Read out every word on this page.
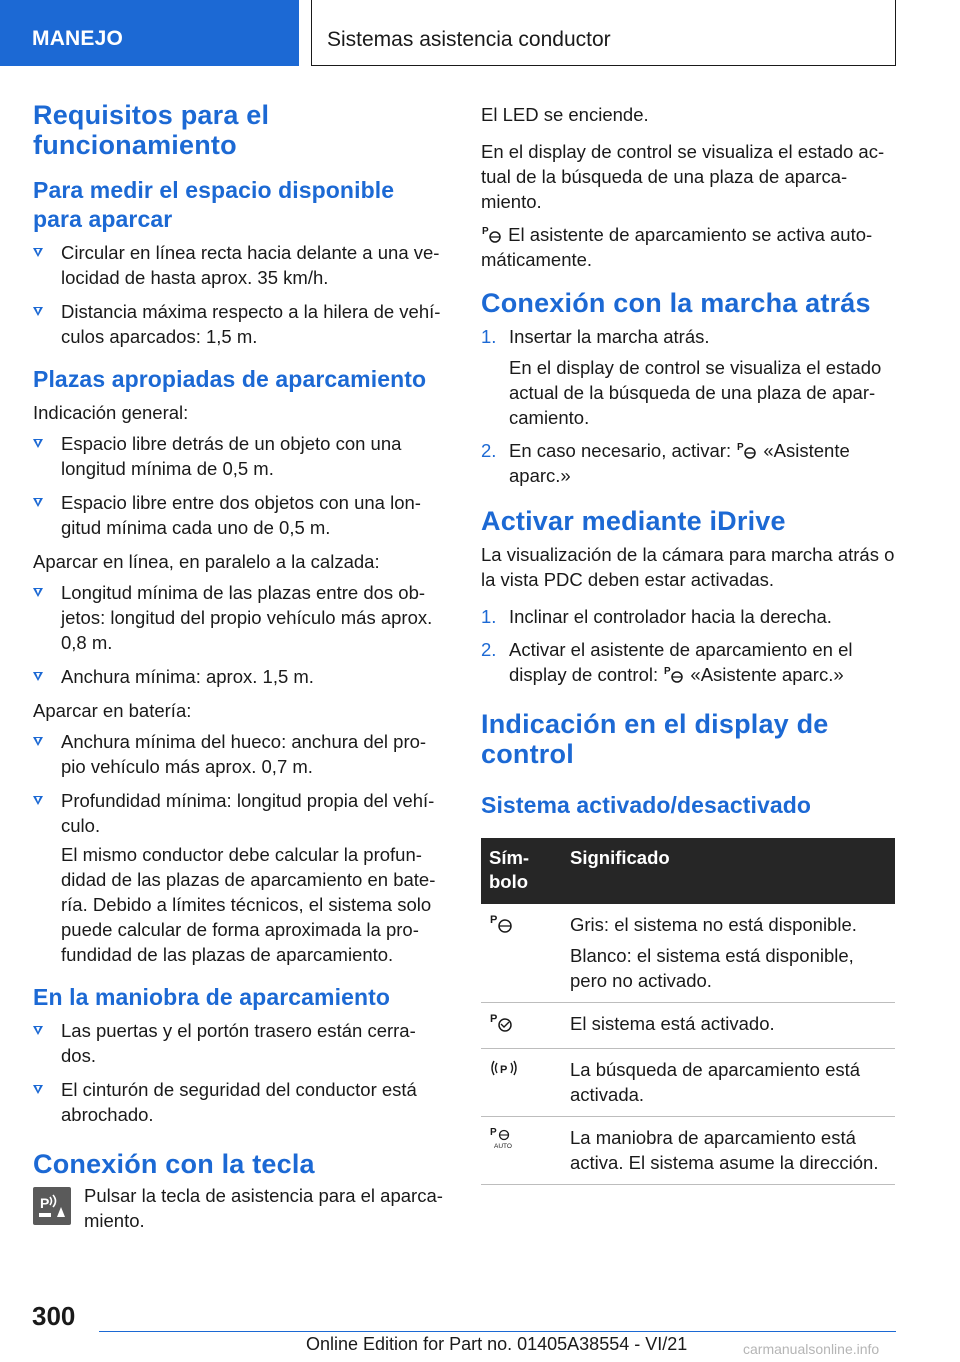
MANEJO	Sistemas asistencia conductor
Requisitos para el funcionamiento
Para medir el espacio disponible para aparcar
Circular en línea recta hacia delante a una ve-locidad de hasta aprox. 35 km/h.
Distancia máxima respecto a la hilera de vehí-culos aparcados: 1,5 m.
Plazas apropiadas de aparcamiento

Indicación general:

Espacio libre detrás de un objeto con una longitud mínima de 0,5 m.
Espacio libre entre dos objetos con una lon-gitud mínima cada uno de 0,5 m.

Aparcar en línea, en paralelo a la calzada:

Longitud mínima de las plazas entre dos ob-jetos: longitud del propio vehículo más aprox. 0,8 m.
Anchura mínima: aprox. 1,5 m.

Aparcar en batería:

Anchura mínima del hueco: anchura del pro-pio vehículo más aprox. 0,7 m.
Profundidad mínima: longitud propia del vehí-culo.

El mismo conductor debe calcular la profun-didad de las plazas de aparcamiento en bate-ría. Debido a límites técnicos, el sistema solo puede calcular de forma aproximada la pro-fundidad de las plazas de aparcamiento.

En la maniobra de aparcamiento
Las puertas y el portón trasero están cerra-dos.
El cinturón de seguridad del conductor está abrochado.
Conexión con la tecla
P Pulsar la tecla de asistencia para el aparca-miento.

El LED se enciende.

En el display de control se visualiza el estado ac-tual de la búsqueda de una plaza de aparca-miento.

P El asistente de aparcamiento se activa auto-máticamente.

Conexión con la marcha atrás
1. Insertar la marcha atrás.

En el display de control se visualiza el estado actual de la búsqueda de una plaza de apar-camiento.

2. En caso necesario, activar: P «Asistente aparc.»
Activar mediante iDrive

La visualización de la cámara para marcha atrás o la vista PDC deben estar activadas.

1. Inclinar el controlador hacia la derecha.
2. Activar el asistente de aparcamiento en el display de control: P «Asistente aparc.»
Indicación en el display de control
Sistema activado/desactivado
Sím-bolo	Significado

P	Gris: el sistema no está disponible.

Blanco: el sistema está disponible, pero no activado.

P	El sistema está activado.

P	La búsqueda de aparcamiento está activada.

P
AUTO	La maniobra de aparcamiento está activa. El sistema asume la dirección.
300
Online Edition for Part no. 01405A38554 - VI/21	carmanualsonline.info
